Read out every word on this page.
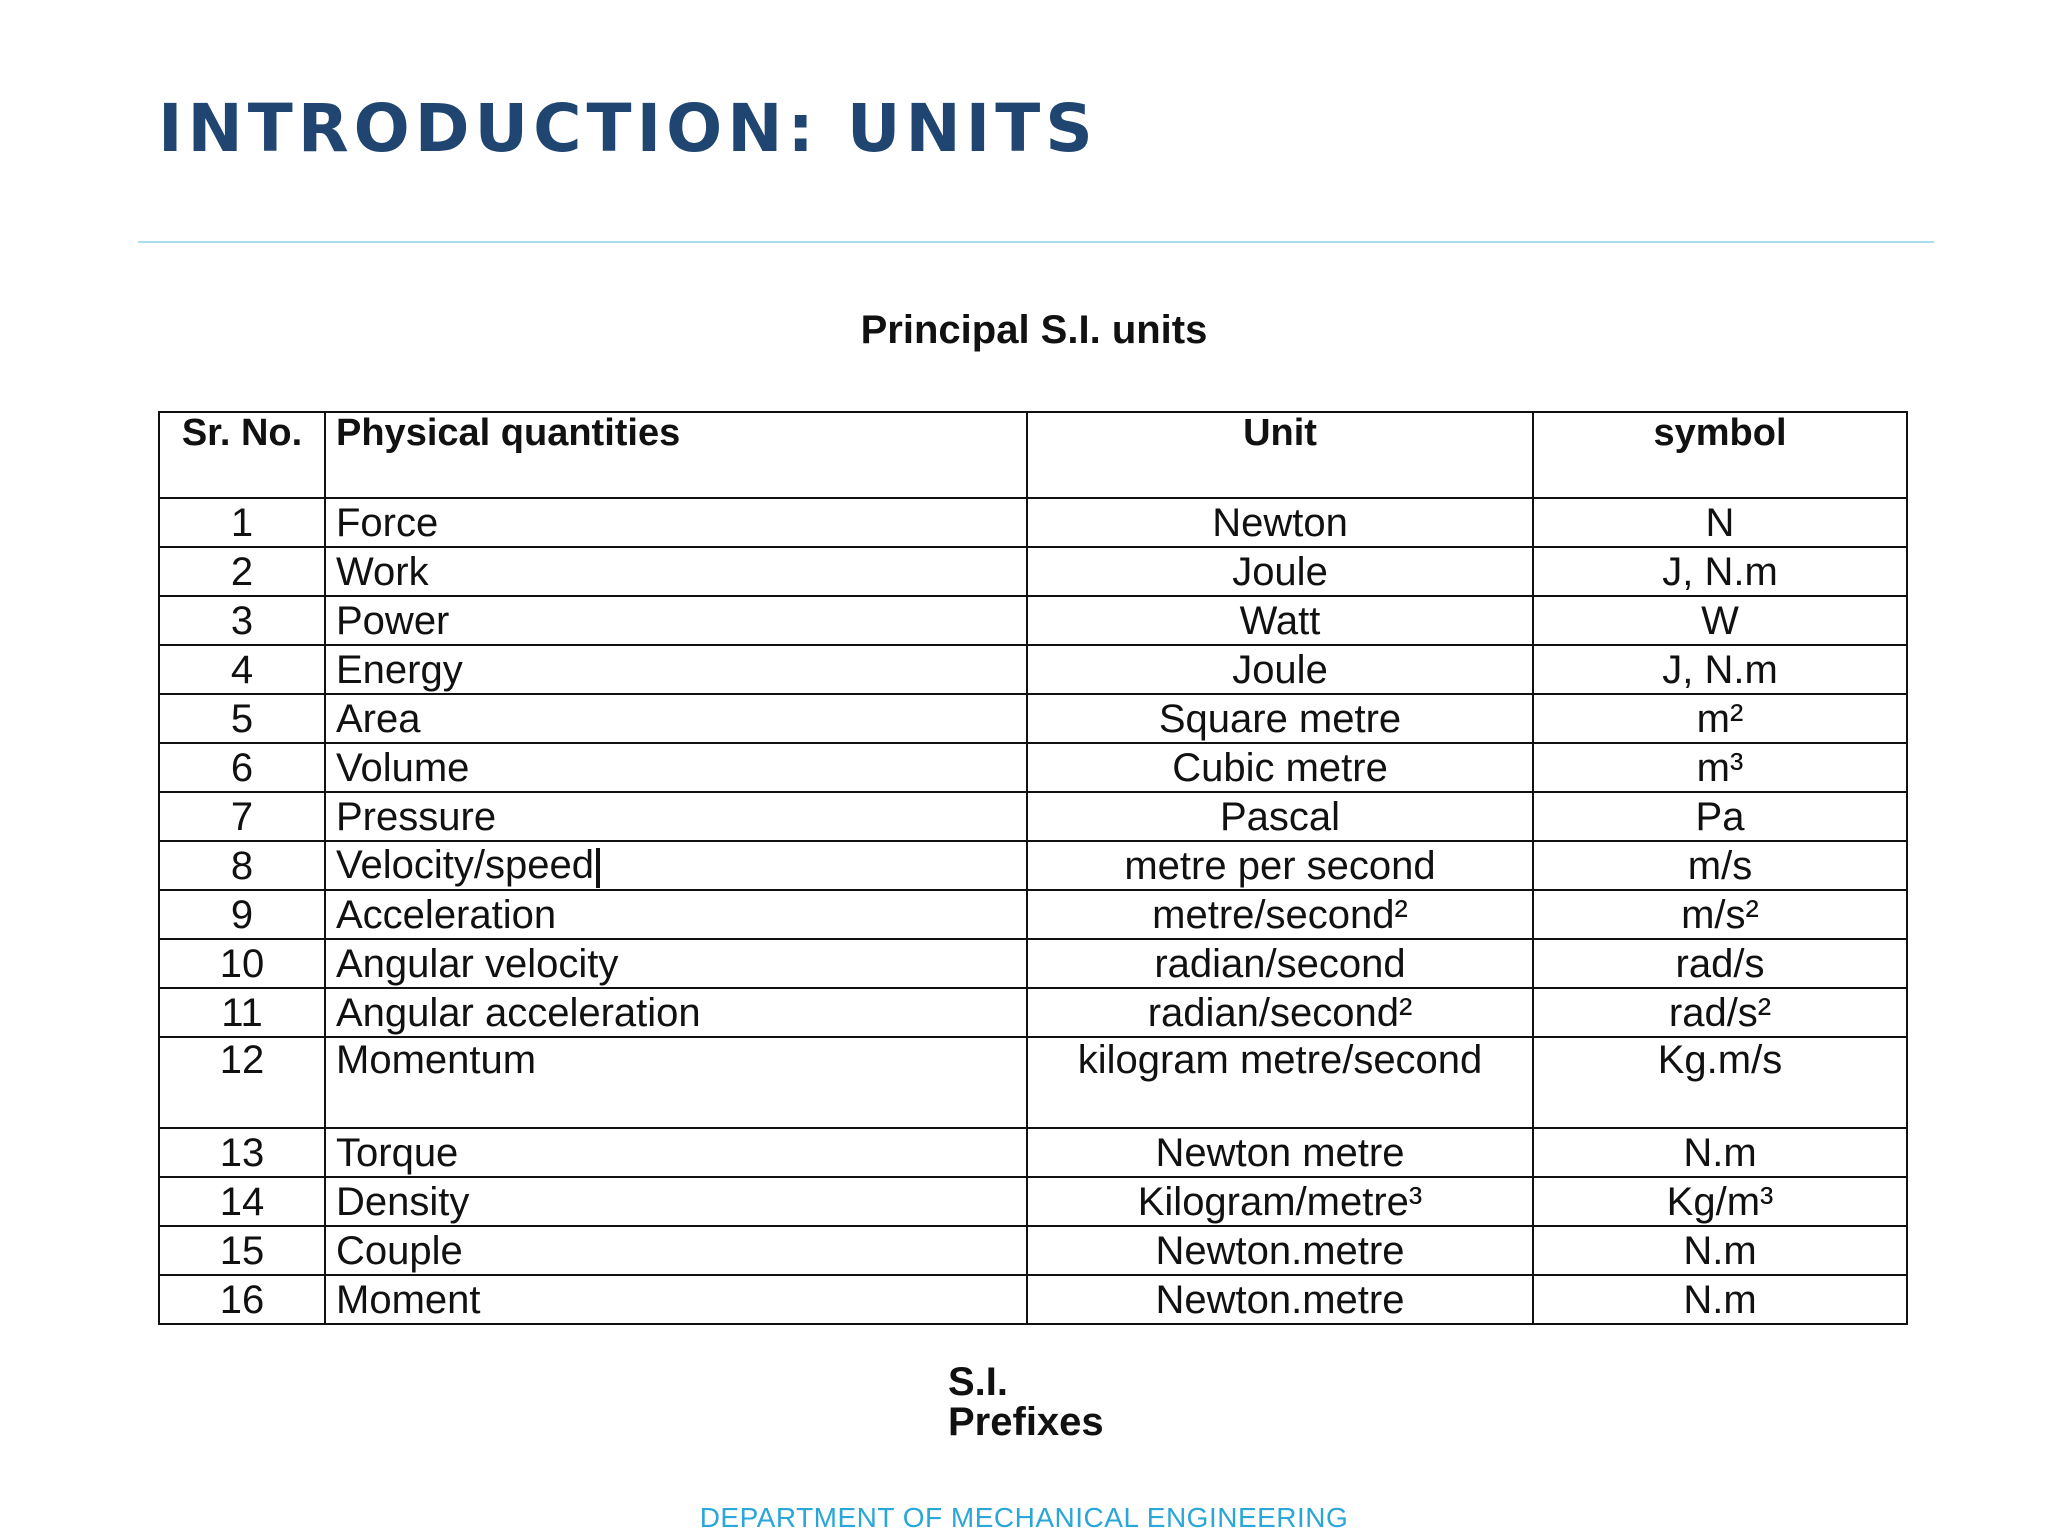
INTRODUCTION: UNITS
Principal S.I. units
Sr. No.	Physical quantities	Unit	symbol
1	Force	Newton	N
2	Work	Joule	J, N.m
3	Power	Watt	W
4	Energy	Joule	J, N.m
5	Area	Square metre	m²
6	Volume	Cubic metre	m³
7	Pressure	Pascal	Pa
8	Velocity/speed	metre per second	m/s
9	Acceleration	metre/second²	m/s²
10	Angular velocity	radian/second	rad/s
11	Angular acceleration	radian/second²	rad/s²
12	Momentum	kilogram metre/second	Kg.m/s
13	Torque	Newton metre	N.m
14	Density	Kilogram/metre³	Kg/m³
15	Couple	Newton.metre	N.m
16	Moment	Newton.metre	N.m
S.I. Prefixes
DEPARTMENT OF MECHANICAL ENGINEERING
